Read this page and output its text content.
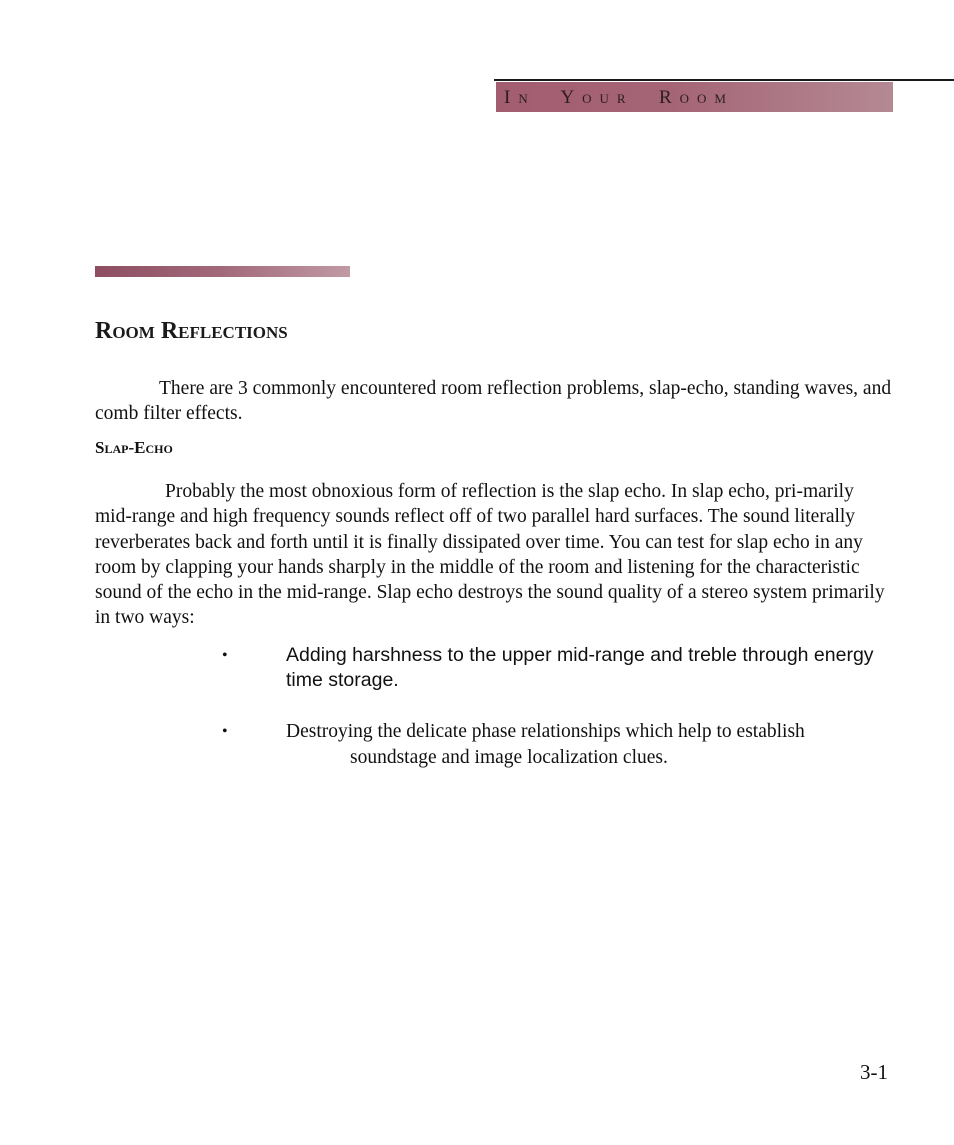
IN YOUR ROOM
Room Reflections

There are 3 commonly encountered room reflection problems, slap-echo, standing waves, and comb filter effects.

Slap-Echo

Probably the most obnoxious form of reflection is the slap echo. In slap echo, pri-marily mid-range and high frequency sounds reflect off of two parallel hard surfaces. The sound literally reverberates back and forth until it is finally dissipated over time. You can test for slap echo in any room by clapping your hands sharply in the middle of the room and listening for the characteristic sound of the echo in the mid-range. Slap echo destroys the sound quality of a stereo system primarily in two ways:

•	Adding harshness to the upper mid-range and treble through energy time storage.

•	Destroying the delicate phase relationships which help to establish
soundstage and image localization clues.

3-1
